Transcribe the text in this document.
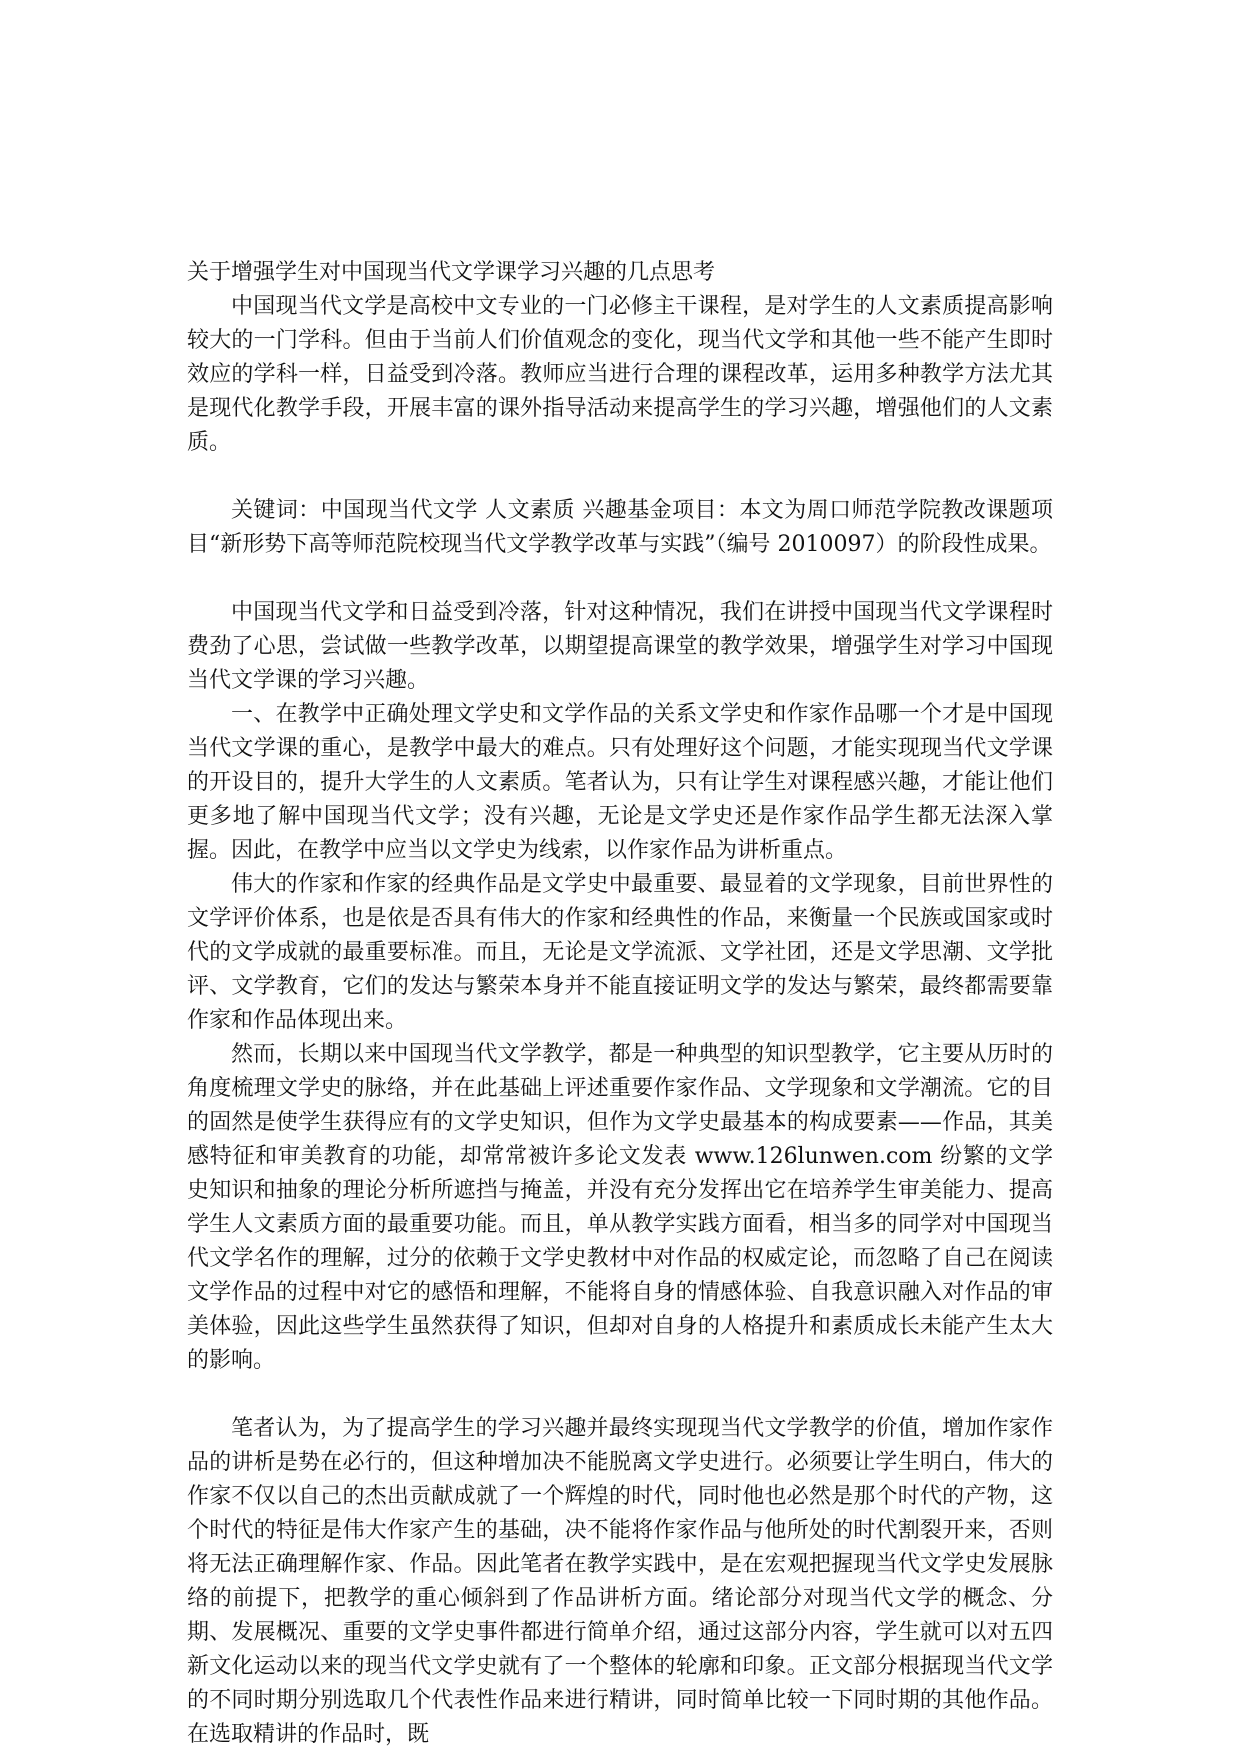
关于增强学生对中国现当代文学课学习兴趣的几点思考

中国现当代文学是高校中文专业的一门必修主干课程，是对学生的人文素质提高影响较大的一门学科。但由于当前人们价值观念的变化，现当代文学和其他一些不能产生即时效应的学科一样，日益受到冷落。教师应当进行合理的课程改革，运用多种教学方法尤其是现代化教学手段，开展丰富的课外指导活动来提高学生的学习兴趣，增强他们的人文素质。

关键词：中国现当代文学 人文素质 兴趣基金项目：本文为周口师范学院教改课题项目“新形势下高等师范院校现当代文学教学改革与实践”（编号 2010097）的阶段性成果。

中国现当代文学和日益受到冷落，针对这种情况，我们在讲授中国现当代文学课程时费劲了心思，尝试做一些教学改革，以期望提高课堂的教学效果，增强学生对学习中国现当代文学课的学习兴趣。

一、在教学中正确处理文学史和文学作品的关系文学史和作家作品哪一个才是中国现当代文学课的重心，是教学中最大的难点。只有处理好这个问题，才能实现现当代文学课的开设目的，提升大学生的人文素质。笔者认为，只有让学生对课程感兴趣，才能让他们更多地了解中国现当代文学；没有兴趣，无论是文学史还是作家作品学生都无法深入掌握。因此，在教学中应当以文学史为线索，以作家作品为讲析重点。

伟大的作家和作家的经典作品是文学史中最重要、最显着的文学现象，目前世界性的文学评价体系，也是依是否具有伟大的作家和经典性的作品，来衡量一个民族或国家或时代的文学成就的最重要标准。而且，无论是文学流派、文学社团，还是文学思潮、文学批评、文学教育，它们的发达与繁荣本身并不能直接证明文学的发达与繁荣，最终都需要靠作家和作品体现出来。

然而，长期以来中国现当代文学教学，都是一种典型的知识型教学，它主要从历时的角度梳理文学史的脉络，并在此基础上评述重要作家作品、文学现象和文学潮流。它的目的固然是使学生获得应有的文学史知识，但作为文学史最基本的构成要素——作品，其美感特征和审美教育的功能，却常常被许多论文发表 www.126lunwen.com 纷繁的文学史知识和抽象的理论分析所遮挡与掩盖，并没有充分发挥出它在培养学生审美能力、提高学生人文素质方面的最重要功能。而且，单从教学实践方面看，相当多的同学对中国现当代文学名作的理解，过分的依赖于文学史教材中对作品的权威定论，而忽略了自己在阅读文学作品的过程中对它的感悟和理解，不能将自身的情感体验、自我意识融入对作品的审美体验，因此这些学生虽然获得了知识，但却对自身的人格提升和素质成长未能产生太大的影响。

笔者认为，为了提高学生的学习兴趣并最终实现现当代文学教学的价值，增加作家作品的讲析是势在必行的，但这种增加决不能脱离文学史进行。必须要让学生明白，伟大的作家不仅以自己的杰出贡献成就了一个辉煌的时代，同时他也必然是那个时代的产物，这个时代的特征是伟大作家产生的基础，决不能将作家作品与他所处的时代割裂开来，否则将无法正确理解作家、作品。因此笔者在教学实践中，是在宏观把握现当代文学史发展脉络的前提下，把教学的重心倾斜到了作品讲析方面。绪论部分对现当代文学的概念、分期、发展概况、重要的文学史事件都进行简单介绍，通过这部分内容，学生就可以对五四新文化运动以来的现当代文学史就有了一个整体的轮廓和印象。正文部分根据现当代文学的不同时期分别选取几个代表性作品来进行精讲，同时简单比较一下同时期的其他作品。在选取精讲的作品时，既
